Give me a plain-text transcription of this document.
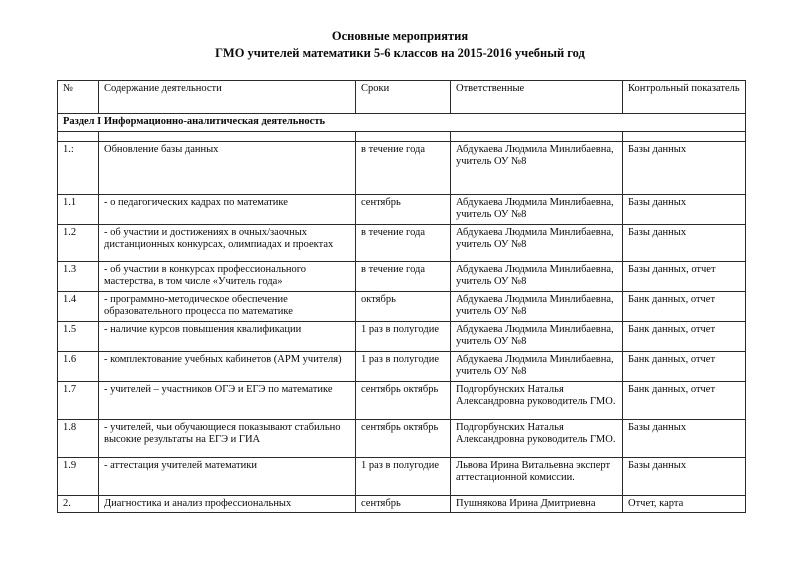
Основные мероприятия

ГМО учителей математики 5-6 классов на 2015-2016 учебный год
№	Содержание деятельности	Сроки	Ответственные	Контрольный показатель
Раздел I Информационно-аналитическая деятельность				

1.:	Обновление базы данных	в течение года	Абдукаева Людмила Минлибаевна, учитель ОУ №8	Базы данных
1.1	- о педагогических кадрах по математике	сентябрь	Абдукаева Людмила Минлибаевна, учитель ОУ №8	Базы данных
1.2	- об участии и достижениях в очных/заочных дистанционных конкурсах, олимпиадах и проектах	в течение года	Абдукаева Людмила Минлибаевна, учитель ОУ №8	Базы данных
1.3	- об участии в конкурсах профессионального мастерства, в том числе «Учитель года»	в течение года	Абдукаева Людмила Минлибаевна, учитель ОУ №8	Базы данных, отчет
1.4	- программно-методическое обеспечение образовательного процесса по математике	октябрь	Абдукаева Людмила Минлибаевна, учитель ОУ №8	Банк данных, отчет
1.5	- наличие курсов повышения квалификации	1 раз в полугодие	Абдукаева Людмила Минлибаевна, учитель ОУ №8	Банк данных, отчет
1.6	- комплектование учебных кабинетов (АРМ учителя)	1 раз в полугодие	Абдукаева Людмила Минлибаевна, учитель ОУ №8	Банк данных, отчет
1.7	- учителей – участников ОГЭ и ЕГЭ по математике	сентябрь октябрь	Подгорбунских Наталья Александровна руководитель ГМО.	Банк данных, отчет
1.8	- учителей, чьи обучающиеся показывают стабильно высокие результаты на ЕГЭ и ГИА	сентябрь октябрь	Подгорбунских Наталья Александровна руководитель ГМО.	Базы данных
1.9	- аттестация учителей математики	1 раз в полугодие	Львова Ирина Витальевна эксперт аттестационной комиссии.	Базы данных
2.	Диагностика и анализ профессиональных	сентябрь	Пушнякова Ирина Дмитриевна	Отчет, карта
